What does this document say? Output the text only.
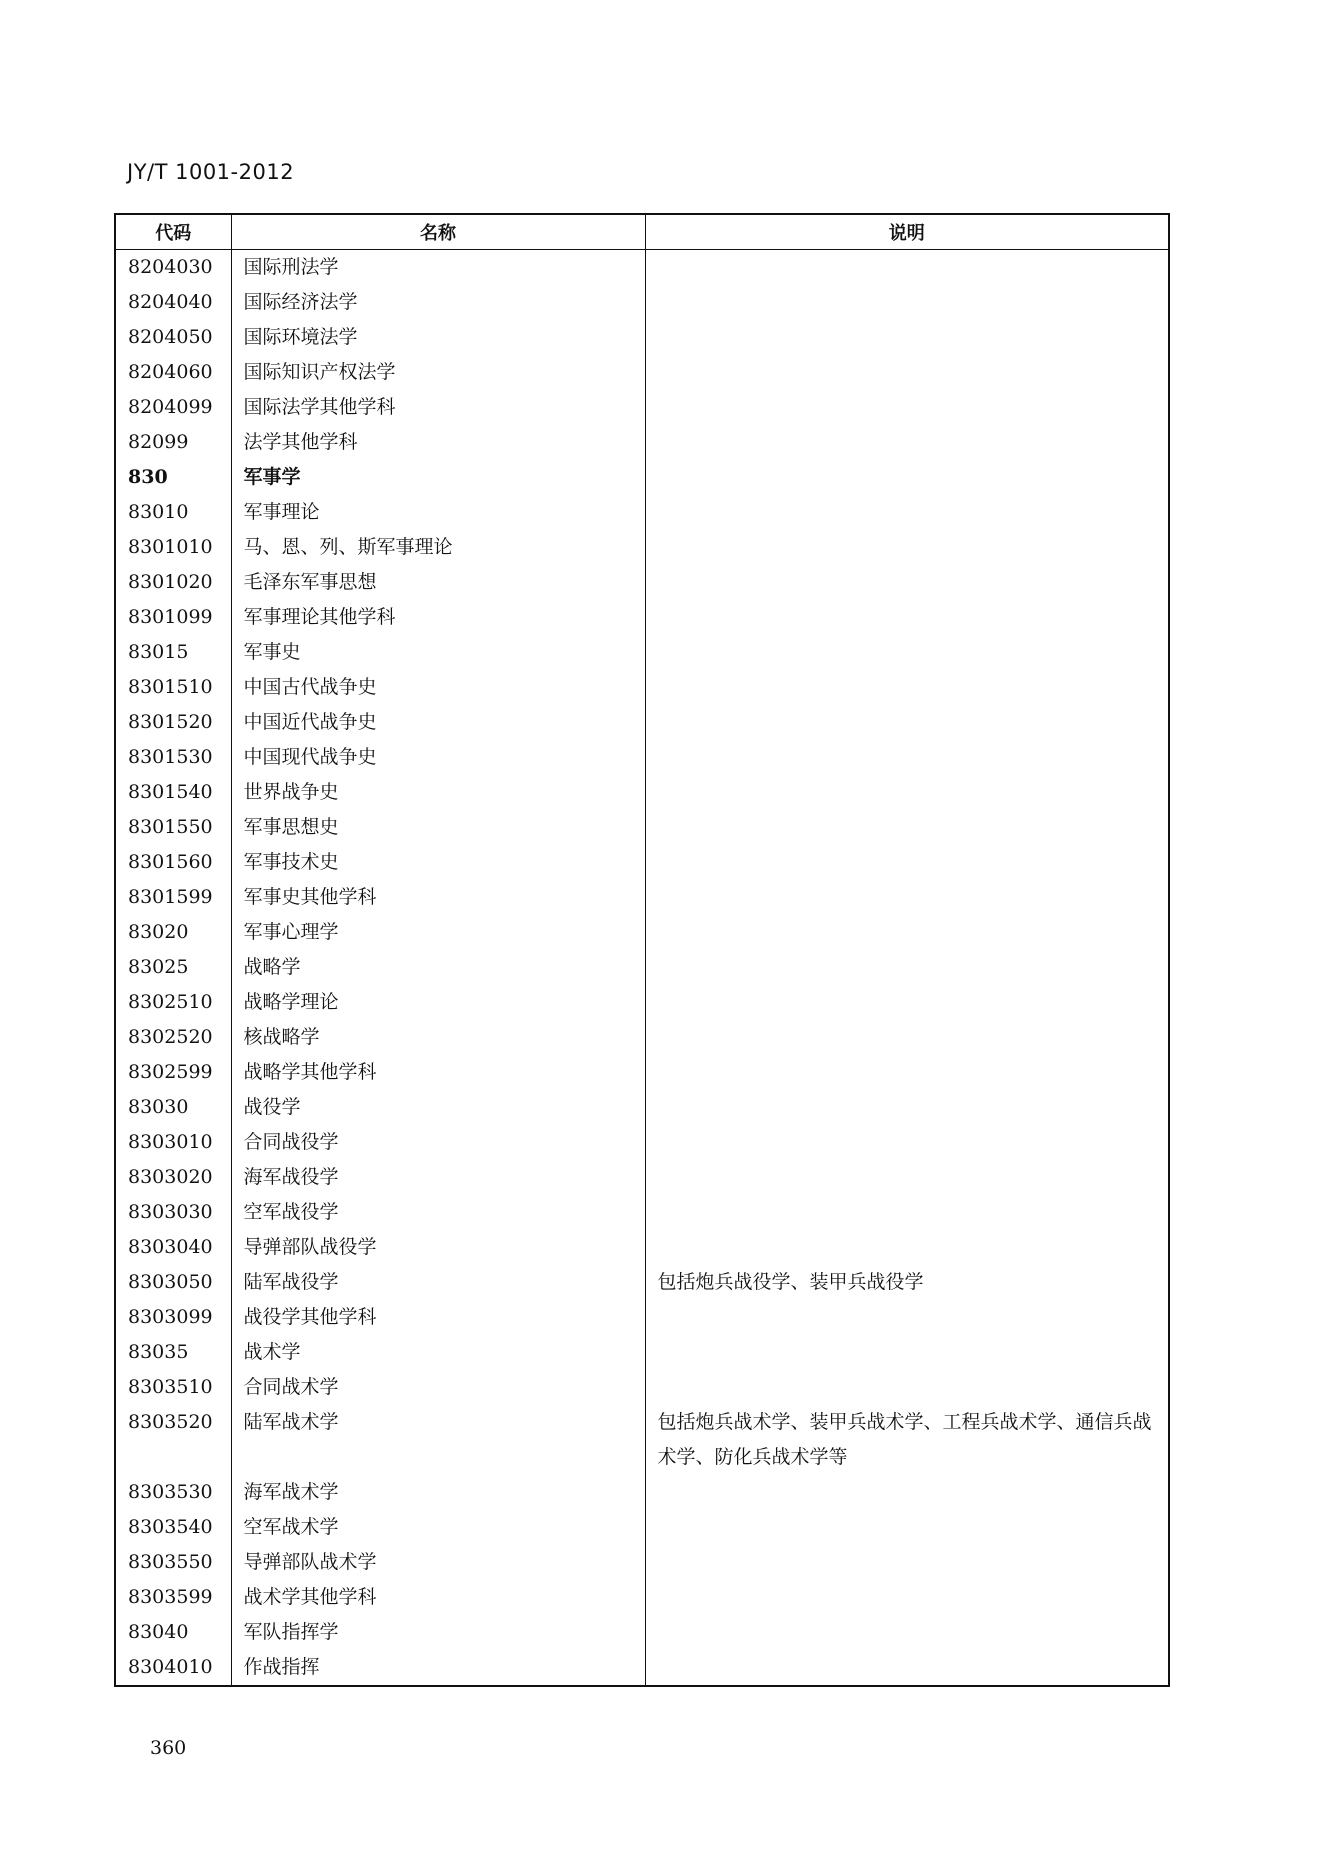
JY/T 1001-2012
代码	名称	说明
8204030	国际刑法学	
8204040	国际经济法学	
8204050	国际环境法学	
8204060	国际知识产权法学	
8204099	国际法学其他学科	
82099	法学其他学科	
830	军事学	
83010	军事理论	
8301010	马、恩、列、斯军事理论	
8301020	毛泽东军事思想	
8301099	军事理论其他学科	
83015	军事史	
8301510	中国古代战争史	
8301520	中国近代战争史	
8301530	中国现代战争史	
8301540	世界战争史	
8301550	军事思想史	
8301560	军事技术史	
8301599	军事史其他学科	
83020	军事心理学	
83025	战略学	
8302510	战略学理论	
8302520	核战略学	
8302599	战略学其他学科	
83030	战役学	
8303010	合同战役学	
8303020	海军战役学	
8303030	空军战役学	
8303040	导弹部队战役学	
8303050	陆军战役学	包括炮兵战役学、装甲兵战役学
8303099	战役学其他学科	
83035	战术学	
8303510	合同战术学	
8303520	陆军战术学	包括炮兵战术学、装甲兵战术学、工程兵战术学、通信兵战术学、防化兵战术学等
8303530	海军战术学	
8303540	空军战术学	
8303550	导弹部队战术学	
8303599	战术学其他学科	
83040	军队指挥学	
8304010	作战指挥	
360
